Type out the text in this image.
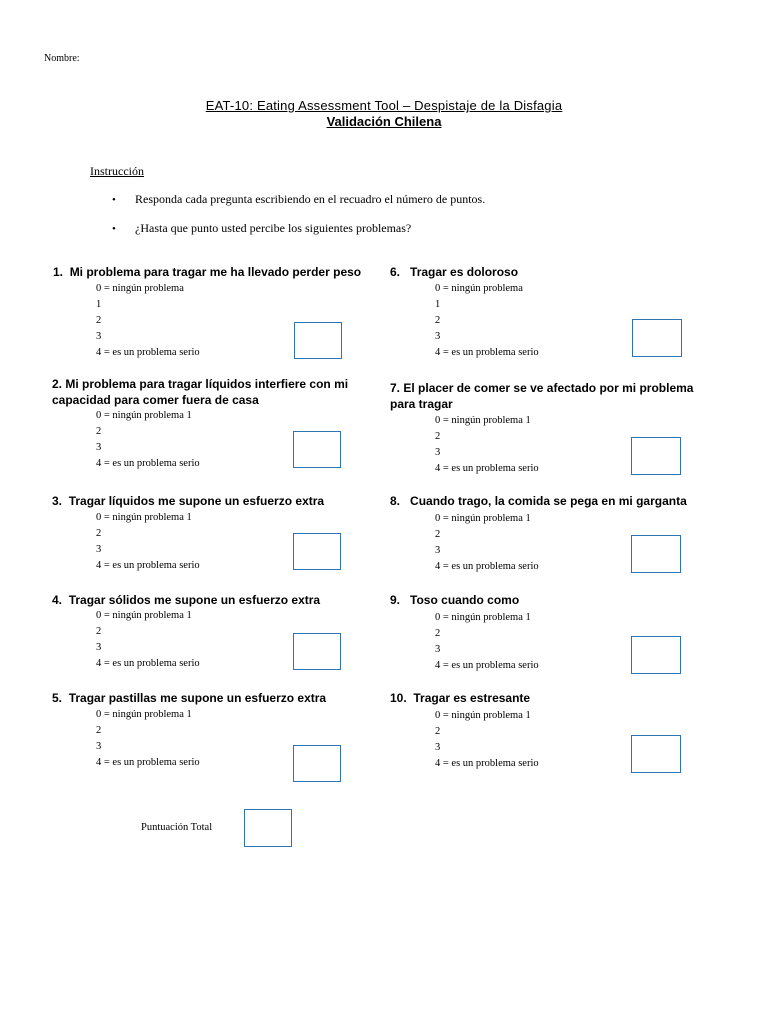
Nombre:
EAT-10: Eating Assessment Tool – Despistaje de la Disfagia
Validación Chilena
Instrucción
• Responda cada pregunta escribiendo en el recuadro el número de puntos.
• ¿Hasta que punto usted percibe los siguientes problemas?
1. Mi problema para tragar me ha llevado perder peso
0 = ningún problema
1
2
3
4 = es un problema serio
2. Mi problema para tragar líquidos interfiere con mi capacidad para comer fuera de casa
0 = ningún problema 1
2
3
4 = es un problema serio
3. Tragar líquidos me supone un esfuerzo extra
0 = ningún problema 1
2
3
4 = es un problema serio
4. Tragar sólidos me supone un esfuerzo extra
0 = ningún problema 1
2
3
4 = es un problema serio
5. Tragar pastillas me supone un esfuerzo extra
0 = ningún problema 1
2
3
4 = es un problema serio
6. Tragar es doloroso
0 = ningún problema
1
2
3
4 = es un problema serio
7. El placer de comer se ve afectado por mi problema para tragar
0 = ningún problema 1
2
3
4 = es un problema serio
8. Cuando trago, la comida se pega en mi garganta
0 = ningún problema 1
2
3
4 = es un problema serio
9. Toso cuando como
0 = ningún problema 1
2
3
4 = es un problema serio
10. Tragar es estresante
0 = ningún problema 1
2
3
4 = es un problema serio
Puntuación Total
